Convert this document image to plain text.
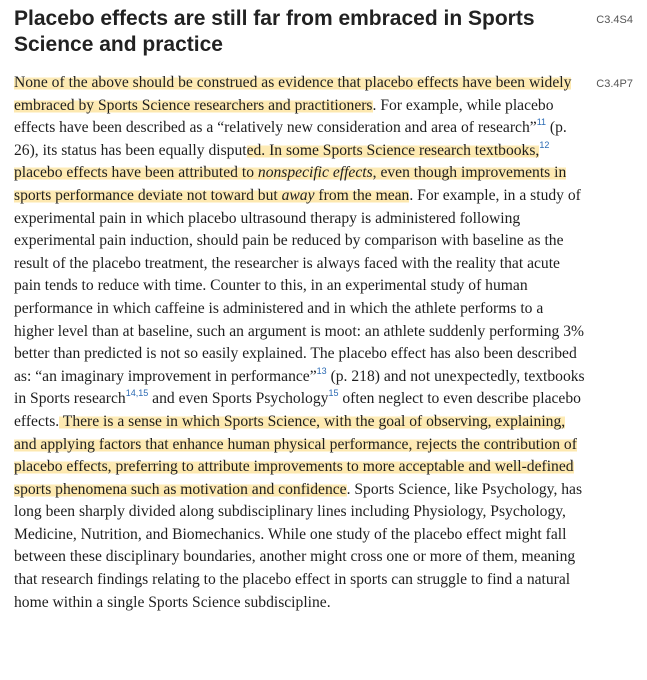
Placebo effects are still far from embraced in Sports Science and practice
C3.4S4
C3.4P7

None of the above should be construed as evidence that placebo effects have been widely embraced by Sports Science researchers and practitioners. For example, while placebo effects have been described as a “relatively new consideration and area of research”$^{11}$ (p. 26), its status has been equally disputed. In some Sports Science research textbooks,$^{12}$ placebo effects have been attributed to nonspecific effects, even though improvements in sports performance deviate not toward but away from the mean. For example, in a study of experimental pain in which placebo ultrasound therapy is administered following experimental pain induction, should pain be reduced by comparison with baseline as the result of the placebo treatment, the researcher is always faced with the reality that acute pain tends to reduce with time. Counter to this, in an experimental study of human performance in which caffeine is administered and in which the athlete performs to a higher level than at baseline, such an argument is moot: an athlete suddenly performing 3% better than predicted is not so easily explained. The placebo effect has also been described as: “an imaginary improvement in performance”$^{13}$ (p. 218) and not unexpectedly, textbooks in Sports research$^{14,15}$ and even Sports Psychology$^{15}$ often neglect to even describe placebo effects. There is a sense in which Sports Science, with the goal of observing, explaining, and applying factors that enhance human physical performance, rejects the contribution of placebo effects, preferring to attribute improvements to more acceptable and well-defined sports phenomena such as motivation and confidence. Sports Science, like Psychology, has long been sharply divided along subdisciplinary lines including Physiology, Psychology, Medicine, Nutrition, and Biomechanics. While one study of the placebo effect might fall between these disciplinary boundaries, another might cross one or more of them, meaning that research findings relating to the placebo effect in sports can struggle to find a natural home within a single Sports Science subdiscipline.
